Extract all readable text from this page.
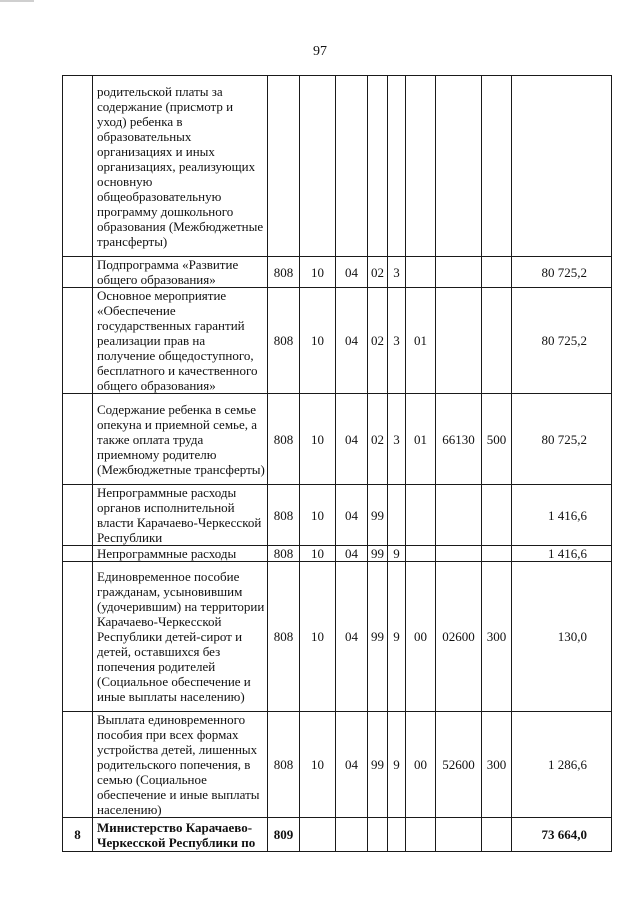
97
	родительской платы за содержание (присмотр и уход) ребенка в образовательных организациях и иных организациях, реализующих основную общеобразовательную программу дошкольного образования (Межбюджетные трансферты)									
	Подпрограмма «Развитие общего образования»	808	10	04	02	3				80 725,2
	Основное мероприятие «Обеспечение государственных гарантий реализации прав на получение общедоступного, бесплатного и качественного общего образования»	808	10	04	02	3	01			80 725,2
	Содержание ребенка в семье опекуна и приемной семье, а также оплата труда приемному родителю (Межбюджетные трансферты)	808	10	04	02	3	01	66130	500	80 725,2
	Непрограммные расходы органов исполнительной власти Карачаево-Черкесской Республики	808	10	04	99					1 416,6
	Непрограммные расходы	808	10	04	99	9				1 416,6
	Единовременное пособие гражданам, усыновившим (удочерившим) на территории Карачаево-Черкесской Республики детей-сирот и детей, оставшихся без попечения родителей (Социальное обеспечение и иные выплаты населению)	808	10	04	99	9	00	02600	300	130,0
	Выплата единовременного пособия при всех формах устройства детей, лишенных родительского попечения, в семью (Социальное обеспечение и иные выплаты населению)	808	10	04	99	9	00	52600	300	1 286,6
8	Министерство Карачаево-Черкесской Республики по	809								73 664,0
